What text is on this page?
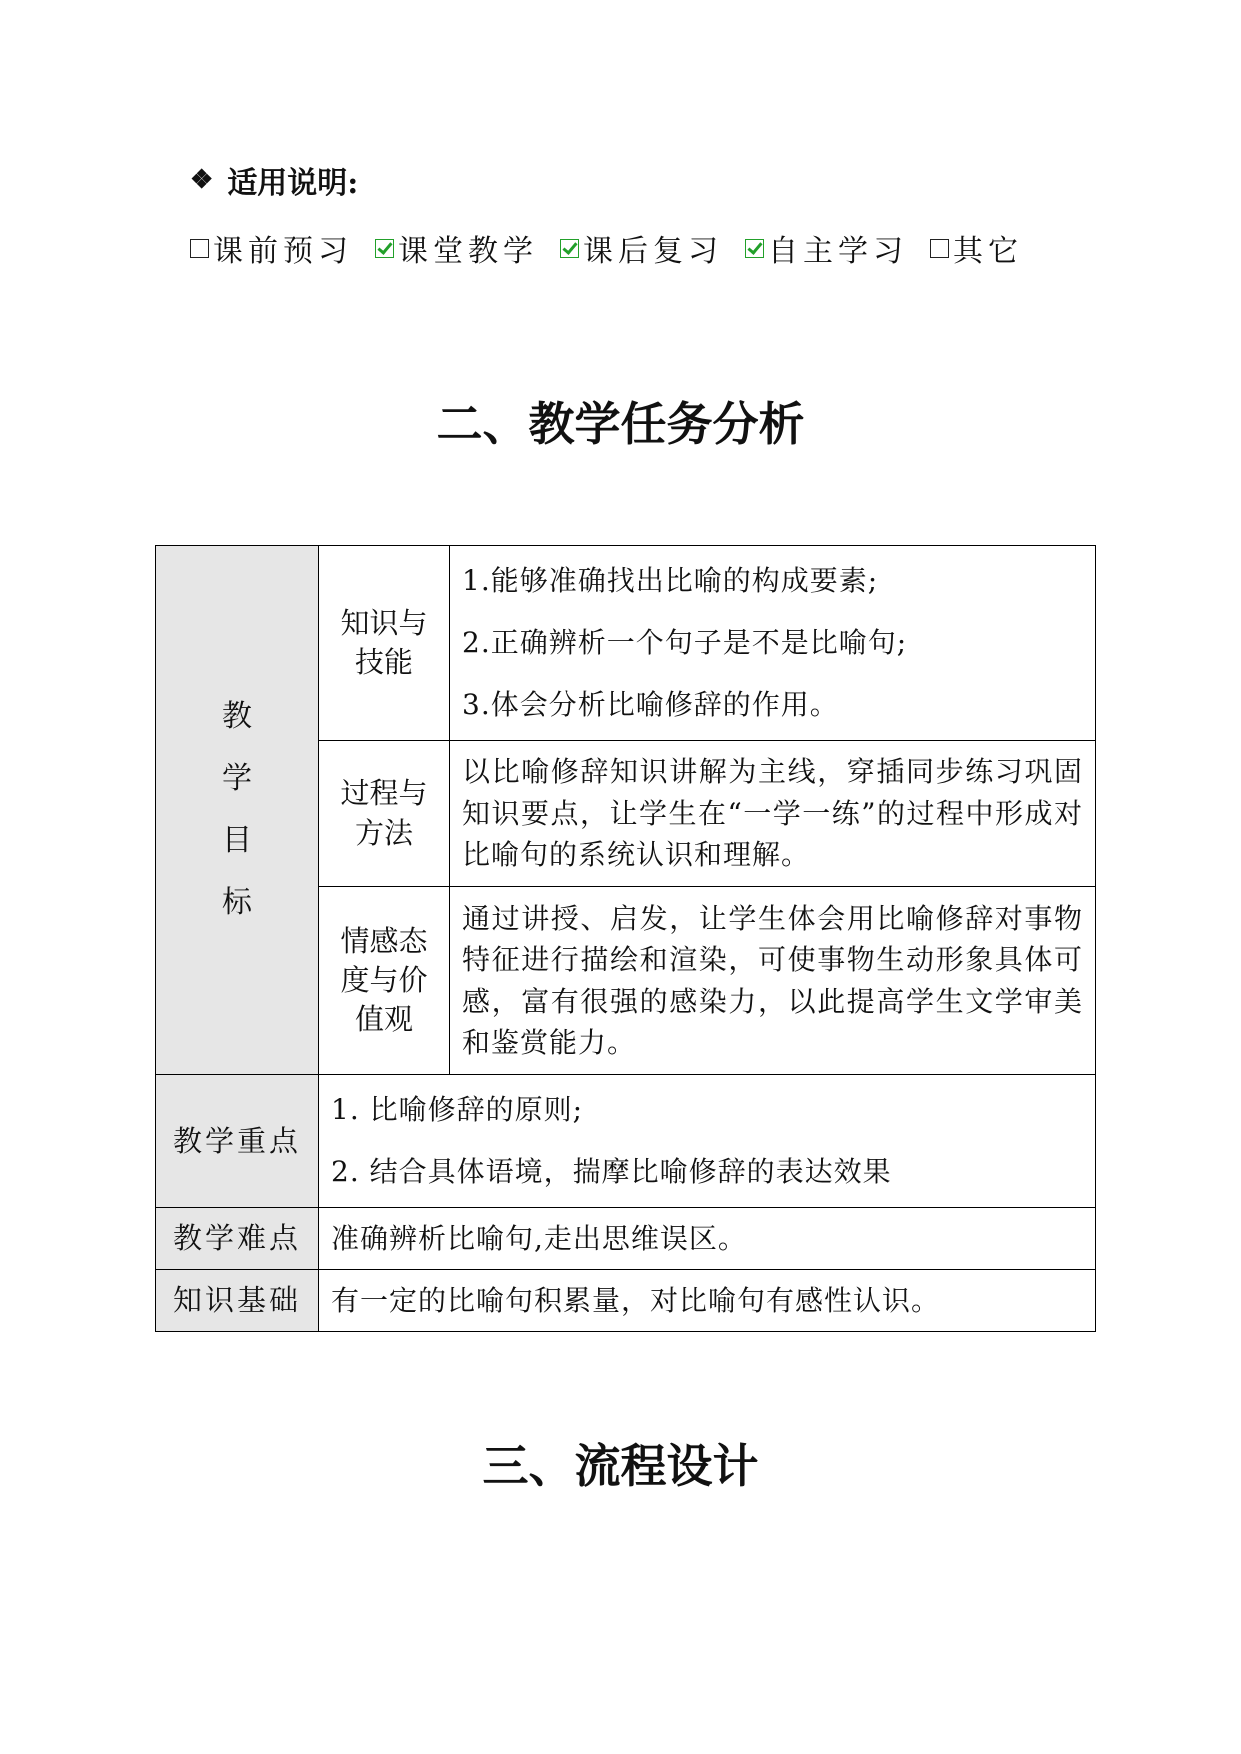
❖ 适用说明:
课前预习 课堂教学 课后复习 自主学习 其它
二、教学任务分析
教
学
目
标	知识与技能	1.能够准确找出比喻的构成要素;
2.正确辨析一个句子是不是比喻句;
3.体会分析比喻修辞的作用。

	过程与方法	以比喻修辞知识讲解为主线，穿插同步练习巩固知识要点，让学生在“一学一练”的过程中形成对比喻句的系统认识和理解。
	情感态度与价值观	通过讲授、启发，让学生体会用比喻修辞对事物特征进行描绘和渲染，可使事物生动形象具体可感，富有很强的感染力，以此提高学生文学审美和鉴赏能力。
教学重点	1. 比喻修辞的原则;
2. 结合具体语境，揣摩比喻修辞的表达效果	

教学难点	准确辨析比喻句,走出思维误区。	
知识基础	有一定的比喻句积累量，对比喻句有感性认识。	
三、流程设计
